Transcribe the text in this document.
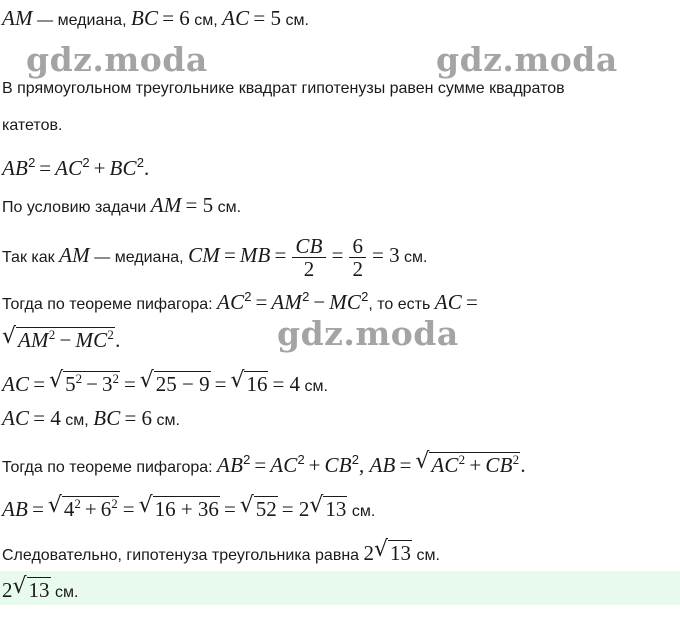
gdz.moda	gdz.moda
gdz.moda
AM — медиана, BC = 6 см, AC = 5 см.
В прямоугольном треугольнике квадрат гипотенузы равен сумме квадратов
катетов.
$AB^2 = AC^2 + BC^2$.
По условию задачи AM = 5 см.
Так как AM — медиана, CM = MB = $\frac{CB}{2} = \frac{6}{2} = 3$ см.
Тогда по теореме пифагора: $AC^2 = AM^2 - MC^2$, то есть AC =
√ $AM^2 - MC^2$.
AC = √ $5^2 - 3^2$ = √ 25 − 9 = √ 16 = 4 см.
AC = 4 см, BC = 6 см.
Тогда по теореме пифагора: $AB^2 = AC^2 + CB^2$, AB = √ $AC^2 + CB^2$.
AB = √ $4^2 + 6^2$ = √ 16 + 36 = √ 52 = 2 √ 13 см.
Следовательно, гипотенуза треугольника равна 2 √ 13 см.
2 √ 13 см.
